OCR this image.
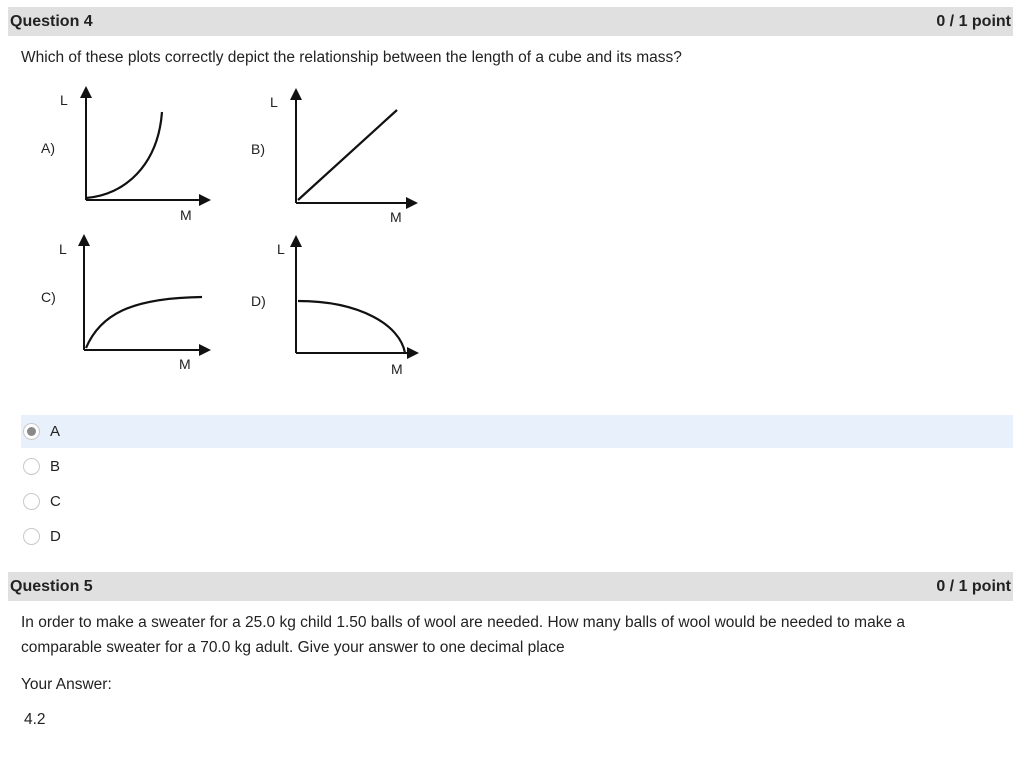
Question 4	0 / 1 point
Which of these plots correctly depict the relationship between the length of a cube and its mass?
L
A)
M
L
B)
M
L
C)
M
L
D)
M
A
B
C
D
Question 5	0 / 1 point
In order to make a sweater for a 25.0 kg child 1.50 balls of wool are needed. How many balls of wool would be needed to make a
comparable sweater for a 70.0 kg adult. Give your answer to one decimal place
Your Answer:
4.2
